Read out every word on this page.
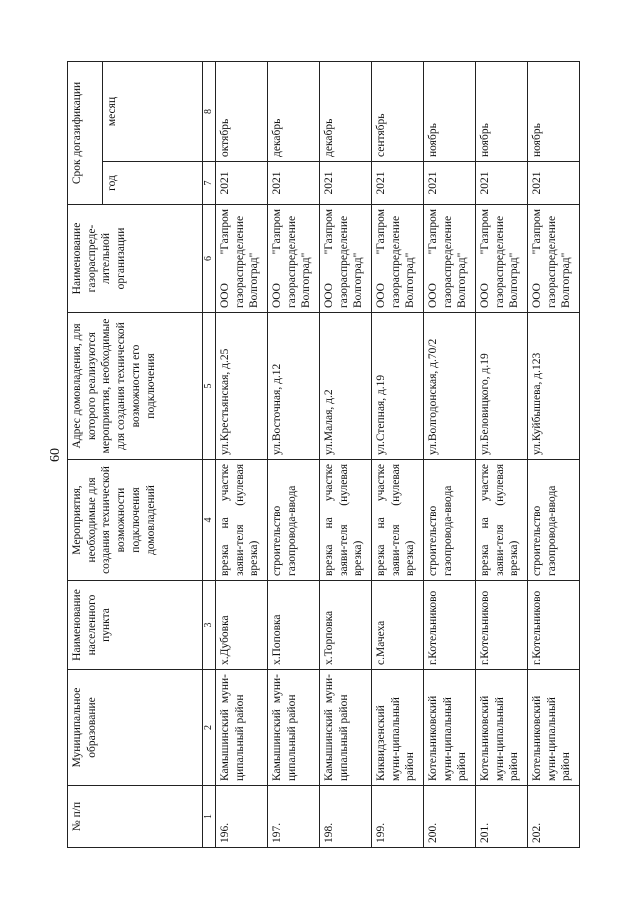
60
№ п/п	Муниципальное образование	Наименование населенного пункта	Мероприятия, необходимые для создания технической возможности подключения домовладений	Адрес домовладения, для которого реализуются мероприятия, необходимые для создания технической возможности его подключения	Наименование газораспреде-лительной организации	Срок догазификации	
						год	месяц
1	2	3	4	5	6	7	8
196.	Камышинский муни-ципальный район	х.Дубовка	врезка на участке заяви-теля (нулевая врезка)	ул.Крестьянская, д.25	ООО "Газпром газораспределение Волгоград"	2021	октябрь
197.	Камышинский муни-ципальный район	х.Поповка	строительство газопровода-ввода	ул.Восточная, д.12	ООО "Газпром газораспределение Волгоград"	2021	декабрь
198.	Камышинский муни-ципальный район	х.Торповка	врезка на участке заяви-теля (нулевая врезка)	ул.Малая, д.2	ООО "Газпром газораспределение Волгоград"	2021	декабрь
199.	Киквидзенский муни-ципальный район	с.Мачеха	врезка на участке заяви-теля (нулевая врезка)	ул.Степная, д.19	ООО "Газпром газораспределение Волгоград"	2021	сентябрь
200.	Котельниковский муни-ципальный район	г.Котельниково	строительство газопровода-ввода	ул.Волгодонская, д.70/2	ООО "Газпром газораспределение Волгоград"	2021	ноябрь
201.	Котельниковский муни-ципальный район	г.Котельниково	врезка на участке заяви-теля (нулевая врезка)	ул.Беловицкого, д.19	ООО "Газпром газораспределение Волгоград"	2021	ноябрь
202.	Котельниковский муни-ципальный район	г.Котельниково	строительство газопровода-ввода	ул.Куйбышева, д.123	ООО "Газпром газораспределение Волгоград"	2021	ноябрь
